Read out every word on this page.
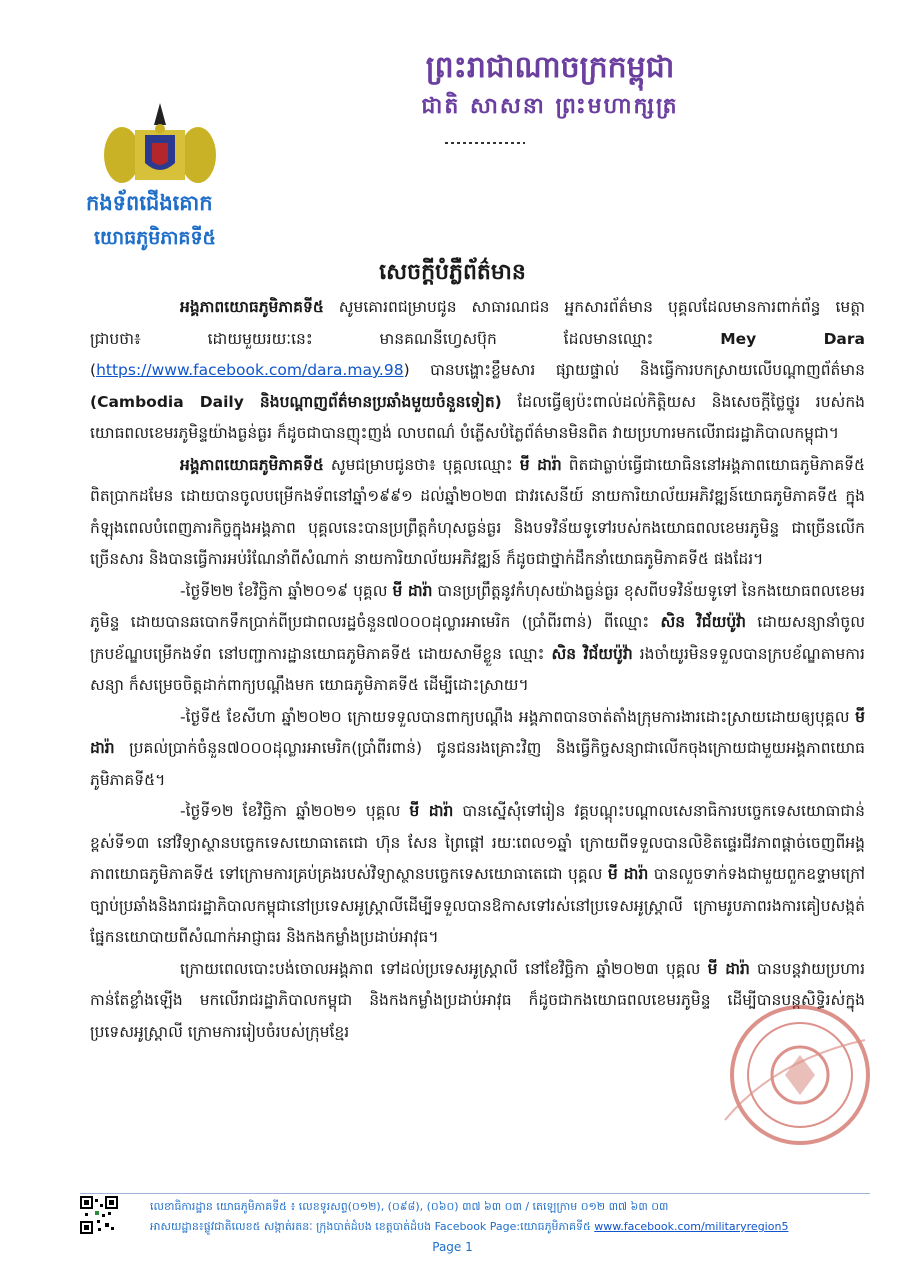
ព្រះរាជាណាចក្រកម្ពុជា
ជាតិ សាសនា ព្រះមហាក្សត្រ
កងទ័ពជើងគោក
យោធភូមិភាគទី៥
សេចក្តីបំភ្លឺព័ត៌មាន

អង្គភាពយោធភូមិភាគទី៥ សូមគោរពជម្រាបជូន សាធារណជន អ្នកសារព័ត៌មាន បុគ្គលដែលមានការពាក់ព័ន្ធ មេត្តាជ្រាបថា៖ ដោយមួយរយៈនេះ មានគណនីហ្វេសប៊ុក ដែលមានឈ្មោះ Mey Dara (https://www.facebook.com/dara.may.98) បានបង្ហោះខ្លឹមសារ ផ្សាយផ្ទាល់ និងធ្វើការបកស្រាយលើបណ្តាញព័ត៌មាន (Cambodia Daily និងបណ្តាញព័ត៌មានប្រឆាំងមួយចំនួនទៀត) ដែលធ្វើឲ្យប៉ះពាល់ដល់កិត្តិយស និងសេចក្តីថ្លៃថ្នូរ របស់កងយោធពលខេមរភូមិន្ទយ៉ាងធ្ងន់ធ្ងរ ក៏ដូចជាបានញុះញង់ លាបពណ៌ បំភ្លើសបំភ្លៃព័ត៌មានមិនពិត វាយប្រហារមកលើរាជរដ្ឋាភិបាលកម្ពុជា។

អង្គភាពយោធភូមិភាគទី៥ សូមជម្រាបជូនថា៖ បុគ្គលឈ្មោះ មី ដារ៉ា ពិតជាធ្លាប់ធ្វើជាយោធិននៅអង្គភាពយោធភូមិភាគទី៥ ពិតប្រាកដមែន ដោយបានចូលបម្រើកងទ័ពនៅឆ្នាំ១៩៩១ ដល់ឆ្នាំ២០២៣ ជាវរសេនីយ៍ នាយការិយាល័យអភិវឌ្ឍន៍យោធភូមិភាគទី៥ ក្នុងកំឡុងពេលបំពេញភារកិច្ចក្នុងអង្គភាព បុគ្គលនេះបានប្រព្រឹត្តកំហុសធ្ងន់ធ្ងរ និងបទវិន័យទូទៅរបស់កងយោធពលខេមរភូមិន្ទ ជាច្រើនលើកច្រើនសារ និងបានធ្វើការអប់រំណែនាំពីសំណាក់ នាយការិយាល័យអភិវឌ្ឍន៍ ក៏ដូចជាថ្នាក់ដឹកនាំយោធភូមិភាគទី៥ ផងដែរ។

-ថ្ងៃទី២២ ខែវិច្ឆិកា ឆ្នាំ២០១៩ បុគ្គល មី ដារ៉ា បានប្រព្រឹត្តនូវកំហុសយ៉ាងធ្ងន់ធ្ងរ ខុសពីបទវិន័យទូទៅ នៃកងយោធពលខេមរភូមិន្ទ ដោយបានឆបោកទឹកប្រាក់ពីប្រជាពលរដ្ឋចំនួន៧០០០ដុល្លារអាមេរិក (ប្រាំពីរពាន់) ពីឈ្មោះ សិន វិជ័យប៉ូវ៉ា ដោយសន្យានាំចូលក្របខ័ណ្ឌបម្រើកងទ័ព នៅបញ្ជាការដ្ឋានយោធភូមិភាគទី៥ ដោយសាមីខ្លួន ឈ្មោះ សិន វិជ័យប៉ូវ៉ា រងចាំយូរមិនទទួលបានក្របខ័ណ្ឌតាមការសន្យា ក៏សម្រេចចិត្តដាក់ពាក្យបណ្តឹងមក យោធភូមិភាគទី៥ ដើម្បីដោះស្រាយ។

-ថ្ងៃទី៥ ខែសីហា ឆ្នាំ២០២០ ក្រោយទទួលបានពាក្យបណ្តឹង អង្គភាពបានចាត់តាំងក្រុមការងារដោះស្រាយដោយឲ្យបុគ្គល មី ដារ៉ា ប្រគល់ប្រាក់ចំនួន៧០០០ដុល្លារអាមេរិក(ប្រាំពីរពាន់) ជូនជនរងគ្រោះវិញ និងធ្វើកិច្ចសន្យាជាលើកចុងក្រោយជាមួយអង្គភាពយោធភូមិភាគទី៥។

-ថ្ងៃទី១២ ខែវិច្ឆិកា ឆ្នាំ២០២១ បុគ្គល មី ដារ៉ា បានស្នើសុំទៅរៀន វគ្គបណ្តុះបណ្តាលសេនាធិការបច្ចេកទេសយោធាជាន់ខ្ពស់ទី១៣ នៅវិទ្យាស្ថានបច្ចេកទេសយោធាតេជោ ហ៊ុន សែន ព្រៃផ្តៅ រយៈពេល១ឆ្នាំ ក្រោយពីទទួលបានលិខិតផ្ទេរជីវភាពផ្តាច់ចេញពីអង្គភាពយោធភូមិភាគទី៥ ទៅក្រោមការគ្រប់គ្រងរបស់វិទ្យាស្ថានបច្ចេកទេសយោធាតេជោ បុគ្គល មី ដារ៉ា បានលួចទាក់ទងជាមួយពួកឧទ្ទាមក្រៅច្បាប់ប្រឆាំងនិងរាជរដ្ឋាភិបាលកម្ពុជានៅប្រទេសអូស្ត្រាលីដើម្បីទទួលបានឱកាសទៅរស់នៅប្រទេសអូស្ត្រាលី ក្រោមរូបភាពរងការគៀបសង្កត់ផ្នែកនយោបាយពីសំណាក់អាជ្ញាធរ និងកងកម្លាំងប្រដាប់អាវុធ។

ក្រោយពេលបោះបង់ចោលអង្គភាព ទៅដល់ប្រទេសអូស្ត្រាលី នៅខែវិច្ឆិកា ឆ្នាំ២០២៣ បុគ្គល មី ដារ៉ា បានបន្តវាយប្រហារកាន់តែខ្លាំងឡើង មកលើរាជរដ្ឋាភិបាលកម្ពុជា និងកងកម្លាំងប្រដាប់អាវុធ ក៏ដូចជាកងយោធពលខេមរភូមិន្ទ ដើម្បីបានបន្តសិទ្ធិរស់ក្នុងប្រទេសអូស្ត្រាលី ក្រោមការរៀបចំរបស់ក្រុមខ្មែរ

លេខាធិការដ្ឋាន យោធភូមិភាគទី៥ ៖ លេខទូរសព្ទ(០១២), (០៩៨), (០៦០) ៣៧ ៦៣ ០៣ / តេឡេក្រាម ០១២ ៣៧ ៦៣ ០៣
អាសយដ្ឋាន៖ផ្លូវជាតិលេខ៥ សង្កាត់រតនៈ ក្រុងបាត់ដំបង ខេត្តបាត់ដំបង Facebook Page:យោធភូមិភាគទី៥ www.facebook.com/militaryregion5
Page 1
